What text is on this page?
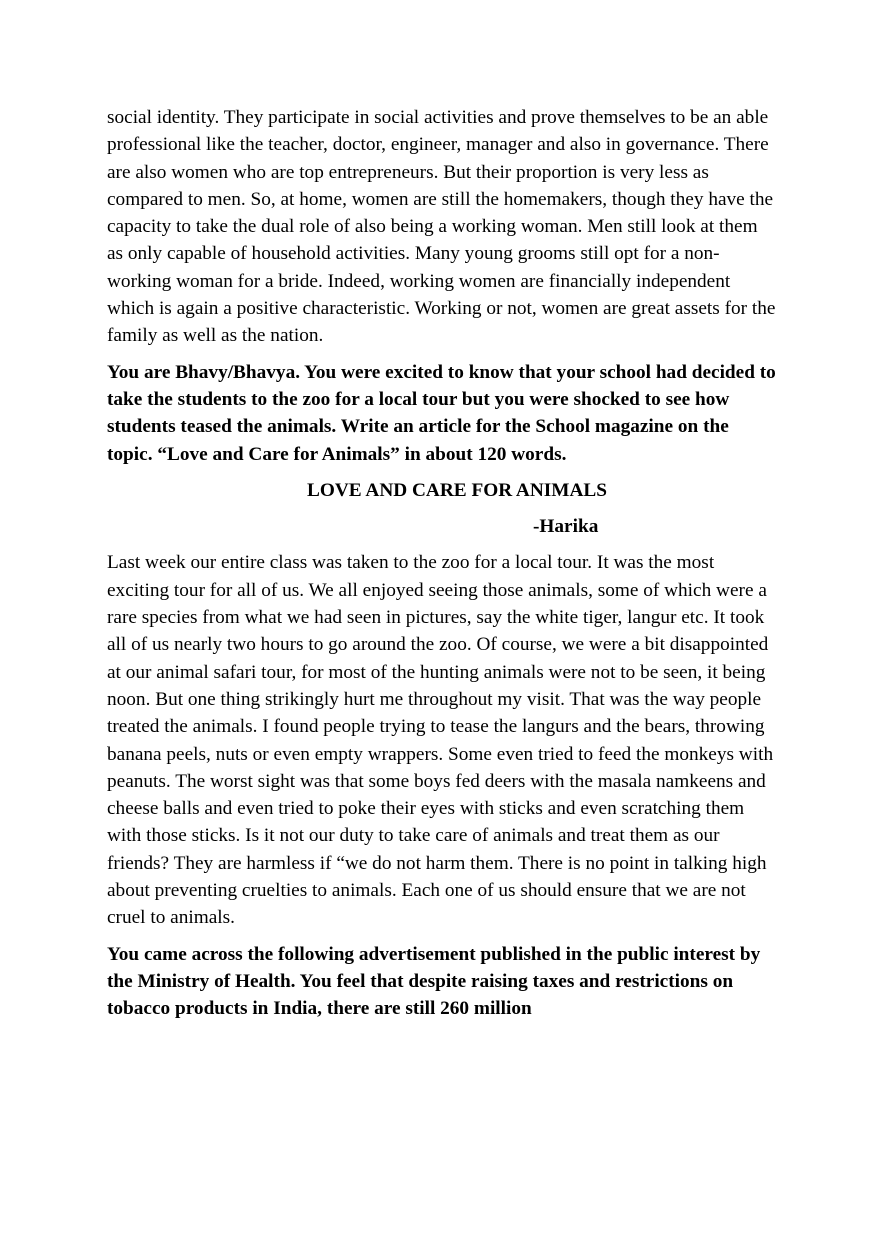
social identity. They participate in social activities and prove themselves to be an able professional like the teacher, doctor, engineer, manager and also in governance. There are also women who are top entrepreneurs. But their proportion is very less as compared to men. So, at home, women are still the homemakers, though they have the capacity to take the dual role of also being a working woman. Men still look at them as only capable of household activities. Many young grooms still opt for a non-working woman for a bride. Indeed, working women are financially independent which is again a positive characteristic. Working or not, women are great assets for the family as well as the nation.

You are Bhavy/Bhavya. You were excited to know that your school had decided to take the students to the zoo for a local tour but you were shocked to see how students teased the animals. Write an article for the School magazine on the topic. “Love and Care for Animals” in about 120 words.

LOVE AND CARE FOR ANIMALS

-Harika

Last week our entire class was taken to the zoo for a local tour. It was the most exciting tour for all of us. We all enjoyed seeing those animals, some of which were a rare species from what we had seen in pictures, say the white tiger, langur etc. It took all of us nearly two hours to go around the zoo. Of course, we were a bit disappointed at our animal safari tour, for most of the hunting animals were not to be seen, it being noon. But one thing strikingly hurt me throughout my visit. That was the way people treated the animals. I found people trying to tease the langurs and the bears, throwing banana peels, nuts or even empty wrappers. Some even tried to feed the monkeys with peanuts. The worst sight was that some boys fed deers with the masala namkeens and cheese balls and even tried to poke their eyes with sticks and even scratching them with those sticks. Is it not our duty to take care of animals and treat them as our friends? They are harmless if “we do not harm them. There is no point in talking high about preventing cruelties to animals. Each one of us should ensure that we are not cruel to animals.

You came across the following advertisement published in the public interest by the Ministry of Health. You feel that despite raising taxes and restrictions on tobacco products in India, there are still 260 million
